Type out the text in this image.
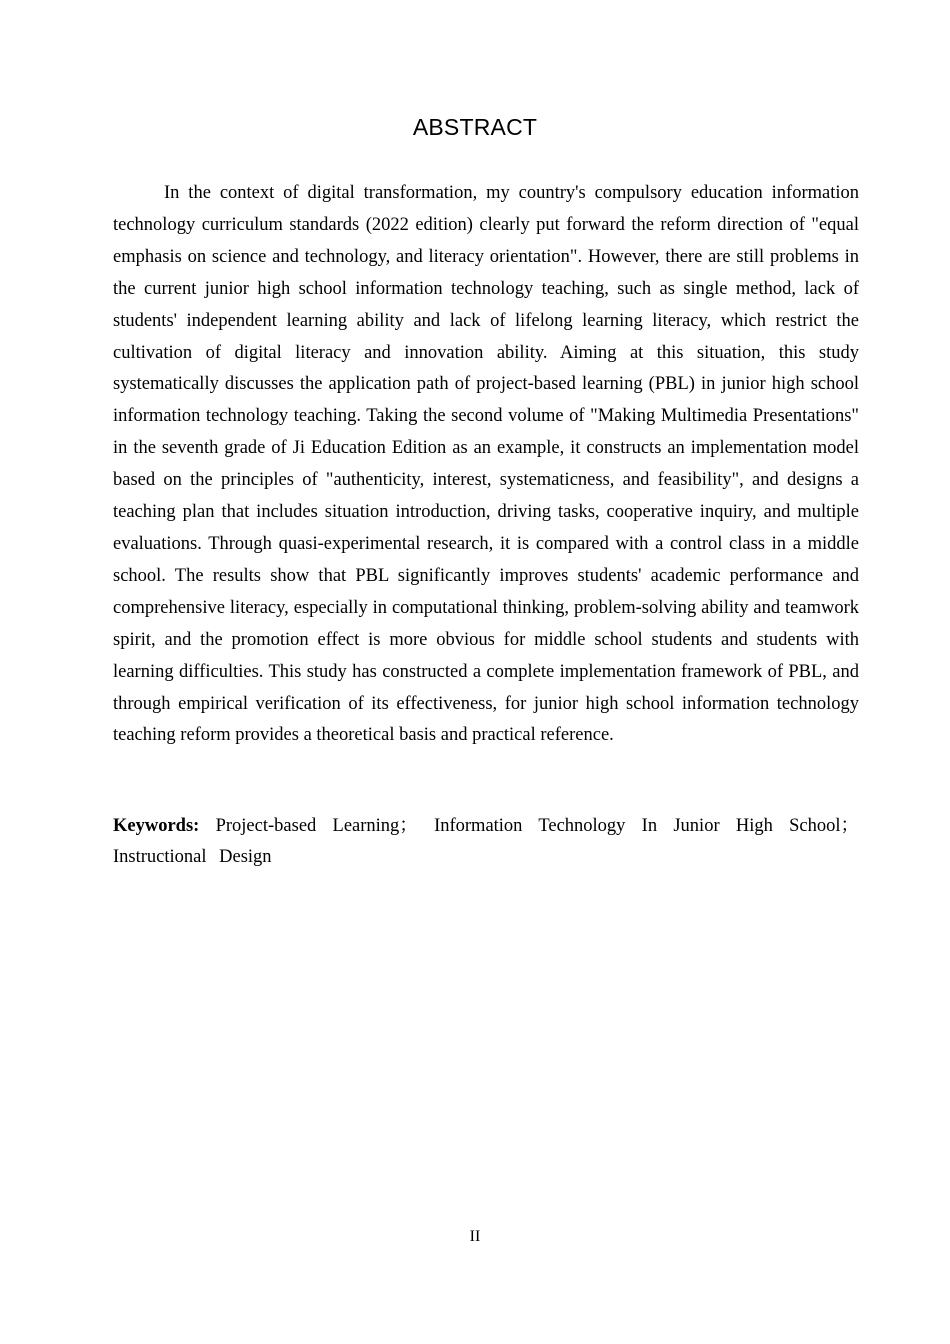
ABSTRACT

In the context of digital transformation, my country's compulsory education information technology curriculum standards (2022 edition) clearly put forward the reform direction of "equal emphasis on science and technology, and literacy orientation". However, there are still problems in the current junior high school information technology teaching, such as single method, lack of students' independent learning ability and lack of lifelong learning literacy, which restrict the cultivation of digital literacy and innovation ability. Aiming at this situation, this study systematically discusses the application path of project-based learning (PBL) in junior high school information technology teaching. Taking the second volume of "Making Multimedia Presentations" in the seventh grade of Ji Education Edition as an example, it constructs an implementation model based on the principles of "authenticity, interest, systematicness, and feasibility", and designs a teaching plan that includes situation introduction, driving tasks, cooperative inquiry, and multiple evaluations. Through quasi-experimental research, it is compared with a control class in a middle school. The results show that PBL significantly improves students' academic performance and comprehensive literacy, especially in computational thinking, problem-solving ability and teamwork spirit, and the promotion effect is more obvious for middle school students and students with learning difficulties. This study has constructed a complete implementation framework of PBL, and through empirical verification of its effectiveness, for junior high school information technology teaching reform provides a theoretical basis and practical reference.

Keywords: Project-based Learning； Information Technology In Junior High School； Instructional Design

II
